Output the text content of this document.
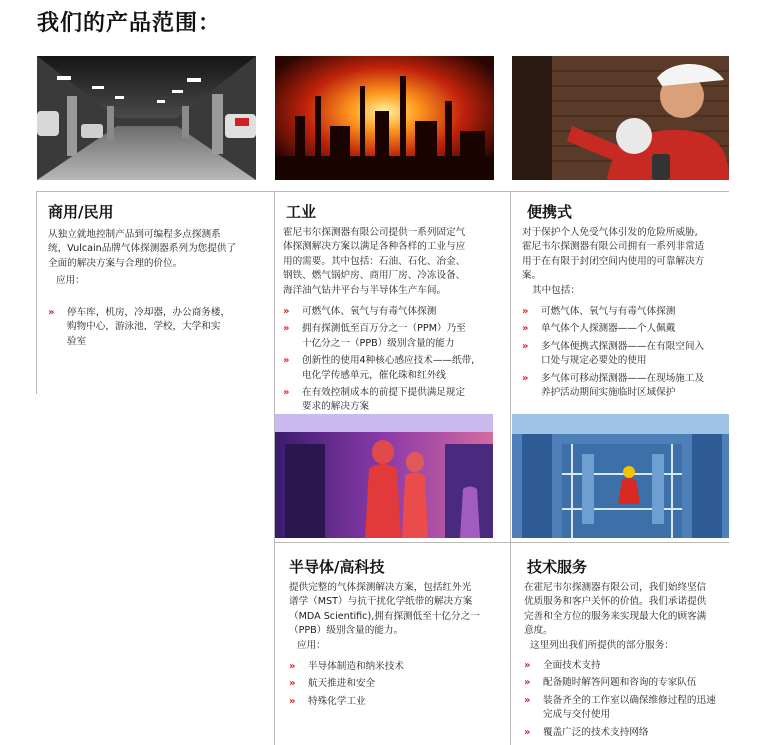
我们的产品范围：
商用/民用
从独立就地控制产品到可编程多点探测系
统，Vulcain品牌气体探测器系列为您提供了
全面的解决方案与合理的价位。
应用：
» 停车库，机房，冷却器，办公商务楼，
购物中心，游泳池，学校，大学和实
验室
工业
霍尼韦尔探测器有限公司提供一系列固定气
体探测解决方案以满足各种各样的工业与应
用的需要。其中包括：石油、石化、冶金、
钢铁、燃气锅炉房、商用厂房、冷冻设备、
海洋油气钻井平台与半导体生产车间。
» 可燃气体、氧气与有毒气体探测
» 拥有探测低至百万分之一（PPM）乃至
十亿分之一（PPB）级别含量的能力
» 创新性的使用4种核心感应技术——纸带,
电化学传感单元，催化珠和红外线
» 在有效控制成本的前提下提供满足规定
要求的解决方案
便携式
对于保护个人免受气体引发的危险所威胁,
霍尼韦尔探测器有限公司拥有一系列非常适
用于在有限于封闭空间内使用的可靠解决方
案。
其中包括：
» 可燃气体、氧气与有毒气体探测
» 单气体个人探测器——个人佩戴
» 多气体便携式探测器——在有限空间入
口处与规定必要处的使用
» 多气体可移动探测器——在现场施工及
养护活动期间实施临时区域保护
半导体/高科技
提供完整的气体探测解决方案，包括红外光
谱学（MST）与抗干扰化学纸带的解决方案
（MDA Scientific),拥有探测低至十亿分之一
（PPB）级别含量的能力。
应用：
» 半导体制造和纳米技术
» 航天推进和安全
» 特殊化学工业
技术服务
在霍尼韦尔探测器有限公司，我们始终坚信
优质服务和客户关怀的价值。我们承诺提供
完善和全方位的服务来实现最大化的顾客满
意度。
这里列出我们所提供的部分服务：
» 全面技术支持
» 配备随时解答问题和咨询的专家队伍
» 装备齐全的工作室以确保维修过程的迅速
完成与交付使用
» 覆盖广泛的技术支持网络
